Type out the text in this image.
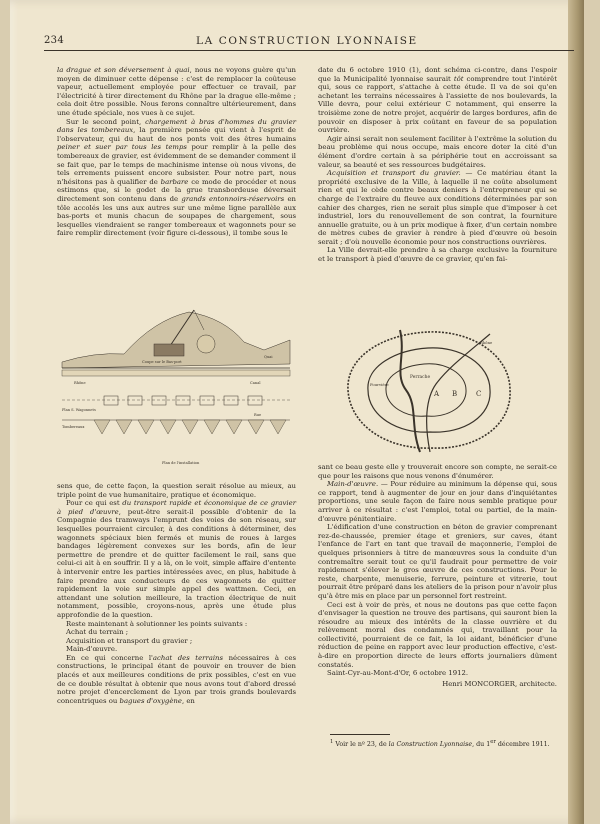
234	LA CONSTRUCTION LYONNAISE

la drague et son déversement à quai, nous ne voyons guère qu'un moyen de diminuer cette dépense : c'est de remplacer la coûteuse vapeur, actuellement employée pour effectuer ce travail, par l'électricité à tirer directement du Rhône par la drague elle-même ; cela doit être possible. Nous ferons connaître ultérieurement, dans une étude spéciale, nos vues à ce sujet.

Sur le second point, chargement à bras d'hommes du gravier dans les tombereaux, la première pensée qui vient à l'esprit de l'observateur, qui du haut de nos ponts voit des êtres humains peiner et suer par tous les temps pour remplir à la pelle des tombereaux de gravier, est évidemment de se demander comment il se fait que, par le temps de machinisme intense où nous vivons, de tels errements puissent encore subsister. Pour notre part, nous n'hésitons pas à qualifier de barbare ce mode de procéder et nous estimons que, si le godet de la grue transbordeuse déversait directement son contenu dans de grands entonnoirs-réservoirs en tôle accolés les uns aux autres sur une même ligne parallèle aux bas-ports et munis chacun de soupapes de chargement, sous lesquelles viendraient se ranger tombereaux et wagonnets pour se faire remplir directement (voir figure ci-dessous), il tombe sous le

Coupe sur le Bas-port
Quai
Rhône	Canal
Plan S. Wagonnets
Tombereaux
Rue
Plan de l'installation

sens que, de cette façon, la question serait résolue au mieux, au triple point de vue humanitaire, pratique et économique.

Pour ce qui est du transport rapide et économique de ce gravier à pied d'œuvre, peut-être serait-il possible d'obtenir de la Compagnie des tramways l'emprunt des voies de son réseau, sur lesquelles pourraient circuler, à des conditions à déterminer, des wagonnets spéciaux bien fermés et munis de roues à larges bandages légèrement convexes sur les bords, afin de leur permettre de prendre et de quitter facilement le rail, sans que celui-ci ait à en souffrir. Il y a là, on le voit, simple affaire d'entente à intervenir entre les parties intéressées avec, en plus, habitude à faire prendre aux conducteurs de ces wagonnets de quitter rapidement la voie sur simple appel des wattmen. Ceci, en attendant une solution meilleure, la traction électrique de nuit notamment, possible, croyons-nous, après une étude plus approfondie de la question.

Reste maintenant à solutionner les points suivants :

Achat du terrain ;

Acquisition et transport du gravier ;

Main-d'œuvre.

En ce qui concerne l'achat des terrains nécessaires à ces constructions, le principal étant de pouvoir en trouver de bien placés et aux meilleures conditions de prix possibles, c'est en vue de ce double résultat à obtenir que nous avons tout d'abord dressé notre projet d'encerclement de Lyon par trois grands boulevards concentriques ou bagues d'oxygène, en

date du 6 octobre 1910 (1), dont schéma ci-contre, dans l'espoir que la Municipalité lyonnaise saurait tôt comprendre tout l'intérêt qui, sous ce rapport, s'attache à cette étude. Il va de soi qu'en achetant les terrains nécessaires à l'assiette de nos boulevards, la Ville devra, pour celui extérieur C notamment, qui enserre la troisième zone de notre projet, acquérir de larges bordures, afin de pouvoir en disposer à prix coûtant en faveur de sa population ouvrière.

Agir ainsi serait non seulement faciliter à l'extrême la solution du beau problème qui nous occupe, mais encore doter la cité d'un élément d'ordre certain à sa périphérie tout en accroissant sa valeur, sa beauté et ses ressources budgétaires.

Acquisition et transport du gravier. — Ce matériau étant la propriété exclusive de la Ville, à laquelle il ne coûte absolument rien et qui le cède contre beaux deniers à l'entrepreneur qui se charge de l'extraire du fleuve aux conditions déterminées par son cahier des charges, rien ne serait plus simple que d'imposer à cet industriel, lors du renouvellement de son contrat, la fourniture annuelle gratuite, ou à un prix modique à fixer, d'un certain nombre de mètres cubes de gravier à rendre à pied d'œuvre où besoin serait ; d'où nouvelle économie pour nos constructions ouvrières.

La Ville devrait-elle prendre à sa charge exclusive la fourniture et le transport à pied d'œuvre de ce gravier, qu'en fai-

A B	C
Perrache
Fourvière
Rhône

sant ce beau geste elle y trouverait encore son compte, ne serait-ce que pour les raisons que nous venons d'énumérer.

Main-d'œuvre. — Pour réduire au minimum la dépense qui, sous ce rapport, tend à augmenter de jour en jour dans d'inquiétantes proportions, une seule façon de faire nous semble pratique pour arriver à ce résultat : c'est l'emploi, total ou partiel, de la main-d'œuvre pénitentiaire.

L'édification d'une construction en béton de gravier comprenant rez-de-chaussée, premier étage et greniers, sur caves, étant l'enfance de l'art en tant que travail de maçonnerie, l'emploi de quelques prisonniers à titre de manœuvres sous la conduite d'un contremaître serait tout ce qu'il faudrait pour permettre de voir rapidement s'élever le gros œuvre de ces constructions. Pour le reste, charpente, menuiserie, ferrure, peinture et vitrerie, tout pourrait être préparé dans les ateliers de la prison pour n'avoir plus qu'à être mis en place par un personnel fort restreint.

Ceci est à voir de près, et nous ne doutons pas que cette façon d'envisager la question ne trouve des partisans, qui sauront bien la résoudre au mieux des intérêts de la classe ouvrière et du relèvement moral des condamnés qui, travaillant pour la collectivité, pourraient de ce fait, la loi aidant, bénéficier d'une réduction de peine en rapport avec leur production effective, c'est-à-dire en proportion directe de leurs efforts journaliers dûment constatés.

Saint-Cyr-au-Mont-d'Or, 6 octobre 1912.

Henri MONCORGER, architecte.

$^1$ Voir le nº 23, de la Construction Lyonnaise, du 1er décembre 1911.
